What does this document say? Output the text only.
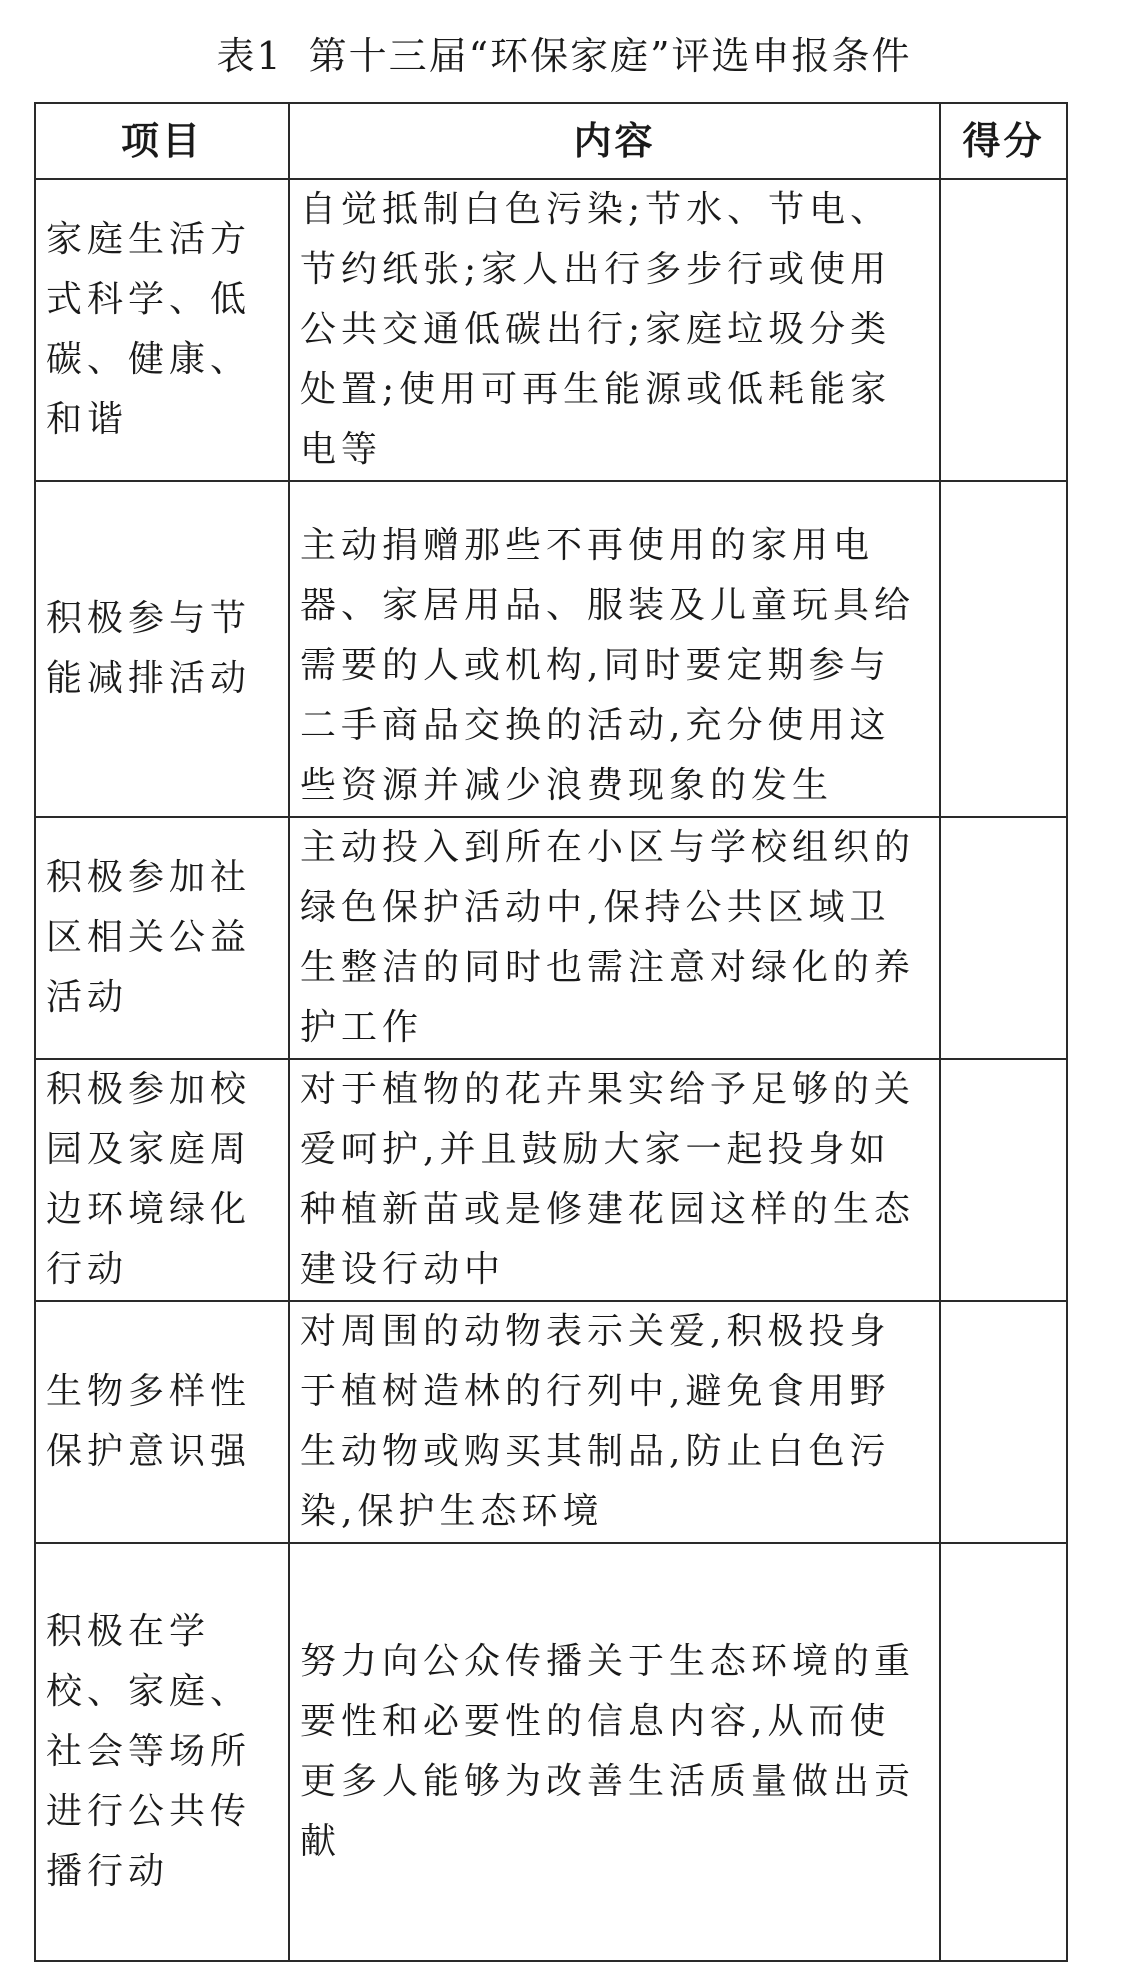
表1 第十三届“环保家庭”评选申报条件
项目	内容	得分
家庭生活方式科学、低碳、健康、和谐	自觉抵制白色污染;节水、节电、节约纸张;家人出行多步行或使用公共交通低碳出行;家庭垃圾分类处置;使用可再生能源或低耗能家电等	
积极参与节能减排活动	主动捐赠那些不再使用的家用电器、家居用品、服装及儿童玩具给需要的人或机构,同时要定期参与二手商品交换的活动,充分使用这些资源并减少浪费现象的发生	
积极参加社区相关公益活动	主动投入到所在小区与学校组织的绿色保护活动中,保持公共区域卫生整洁的同时也需注意对绿化的养护工作	
积极参加校园及家庭周边环境绿化行动	对于植物的花卉果实给予足够的关爱呵护,并且鼓励大家一起投身如种植新苗或是修建花园这样的生态建设行动中	
生物多样性保护意识强	对周围的动物表示关爱,积极投身于植树造林的行列中,避免食用野生动物或购买其制品,防止白色污染,保护生态环境	
积极在学校、家庭、社会等场所进行公共传播行动	努力向公众传播关于生态环境的重要性和必要性的信息内容,从而使更多人能够为改善生活质量做出贡献	
